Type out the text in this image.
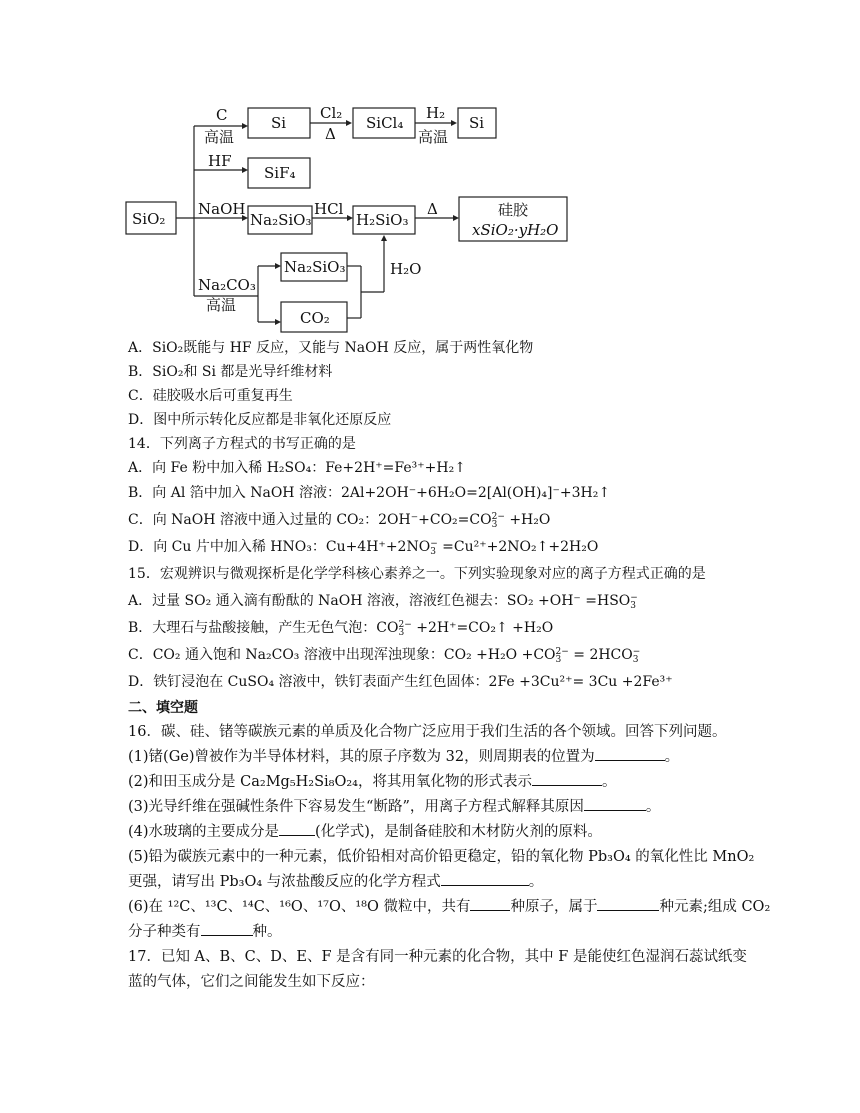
SiO₂
C
高温
Si
Cl₂
Δ
SiCl₄
H₂
高温
Si
HF
SiF₄
NaOH
Na₂SiO₃
HCl
H₂SiO₃
Δ	硅胶
xSiO₂·yH₂O
Na₂CO₃
高温
Na₂SiO₃
CO₂
H₂O
A．SiO₂既能与 HF 反应，又能与 NaOH 反应，属于两性氧化物
B．SiO₂和 Si 都是光导纤维材料
C．硅胶吸水后可重复再生
D．图中所示转化反应都是非氧化还原反应
14．下列离子方程式的书写正确的是
A．向 Fe 粉中加入稀 H₂SO₄：Fe+2H⁺=Fe³⁺+H₂↑
B．向 Al 箔中加入 NaOH 溶液：2Al+2OH⁻+6H₂O=2[Al(OH)₄]⁻+3H₂↑
C．向 NaOH 溶液中通入过量的 CO₂：2OH⁻+CO₂=CO 2−
3 +H₂O
D．向 Cu 片中加入稀 HNO₃：Cu+4H⁺+2NO −
3 =Cu²⁺+2NO₂↑+2H₂O
15．宏观辨识与微观探析是化学学科核心素养之一。下列实验现象对应的离子方程式正确的是
A．过量 SO₂ 通入滴有酚酞的 NaOH 溶液，溶液红色褪去：SO₂ +OH⁻ =HSO −
3
B．大理石与盐酸接触，产生无色气泡：CO 2−
3 +2H⁺=CO₂↑ +H₂O
C．CO₂ 通入饱和 Na₂CO₃ 溶液中出现浑浊现象：CO₂ +H₂O +CO 2−
3 = 2HCO −
3
D．铁钉浸泡在 CuSO₄ 溶液中，铁钉表面产生红色固体：2Fe +3Cu²⁺= 3Cu +2Fe³⁺
二、填空题
16．碳、硅、锗等碳族元素的单质及化合物广泛应用于我们生活的各个领域。回答下列问题。
(1)锗(Ge)曾被作为半导体材料，其的原子序数为 32，则周期表的位置为	。
(2)和田玉成分是 Ca₂Mg₅H₂Si₈O₂₄，将其用氧化物的形式表示	。
(3)光导纤维在强碱性条件下容易发生“断路”，用离子方程式解释其原因	。
(4)水玻璃的主要成分是 (化学式)，是制备硅胶和木材防火剂的原料。
(5)铅为碳族元素中的一种元素，低价铅相对高价铅更稳定，铅的氧化物 Pb₃O₄ 的氧化性比 MnO₂
更强，请写出 Pb₃O₄ 与浓盐酸反应的化学方程式	。
(6)在 ¹²C、¹³C、¹⁴C、¹⁶O、¹⁷O、¹⁸O 微粒中，共有	种原子，属于	种元素;组成 CO₂
分子种类有	种。
17．已知 A、B、C、D、E、F 是含有同一种元素的化合物，其中 F 是能使红色湿润石蕊试纸变
蓝的气体，它们之间能发生如下反应：
